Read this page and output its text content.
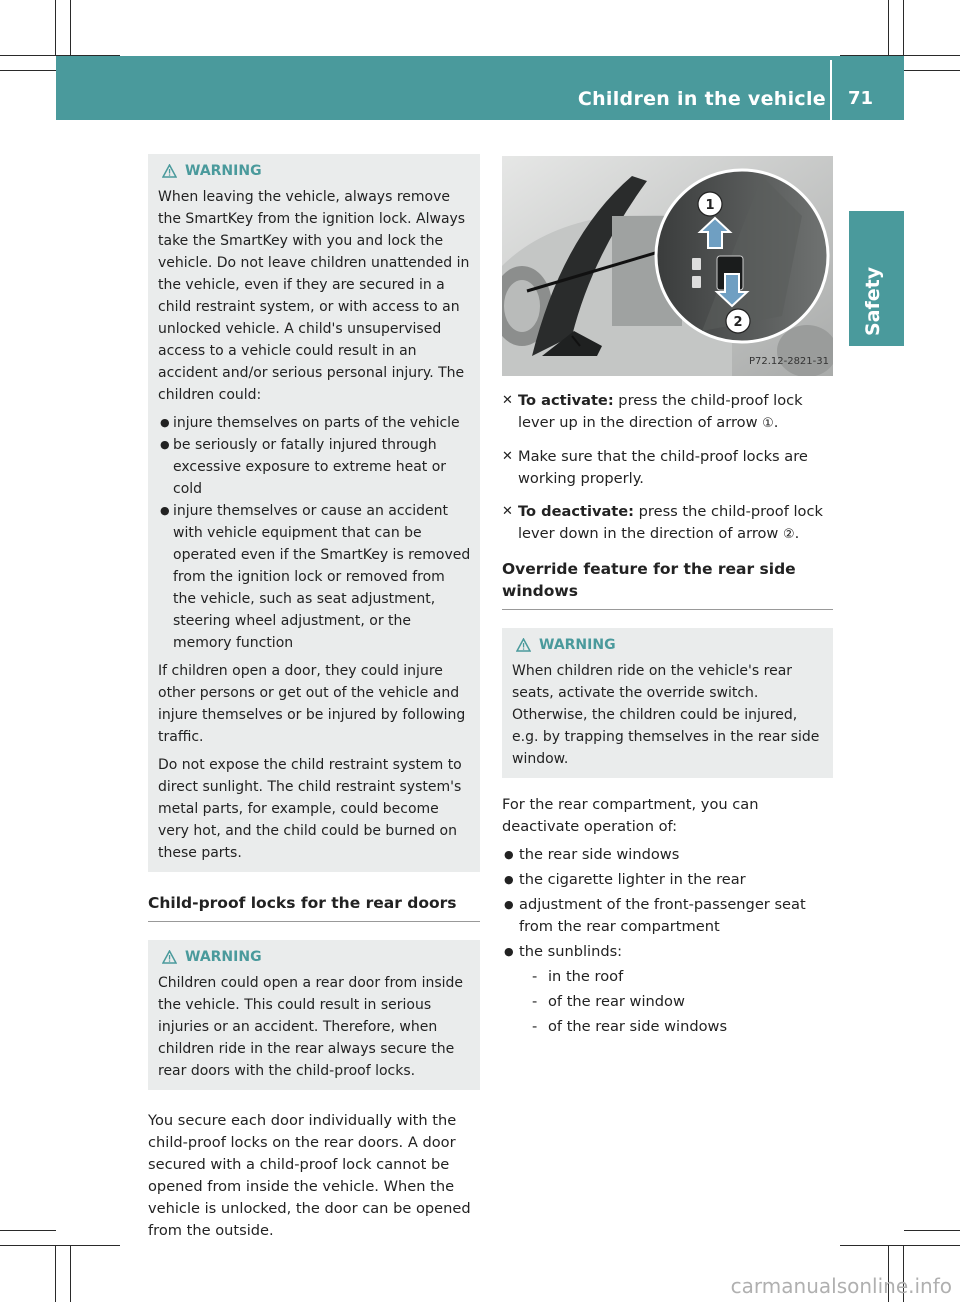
Children in the vehicle 71
Safety
WARNING

When leaving the vehicle, always remove the SmartKey from the ignition lock. Always take the SmartKey with you and lock the vehicle. Do not leave children unattended in the vehicle, even if they are secured in a child restraint system, or with access to an unlocked vehicle. A child's unsupervised access to a vehicle could result in an accident and/or serious personal injury. The children could:

● injure themselves on parts of the vehicle
● be seriously or fatally injured through excessive exposure to extreme heat or cold
● injure themselves or cause an accident with vehicle equipment that can be operated even if the SmartKey is removed from the ignition lock or removed from the vehicle, such as seat adjustment, steering wheel adjustment, or the memory function

If children open a door, they could injure other persons or get out of the vehicle and injure themselves or be injured by following traffic.

Do not expose the child restraint system to direct sunlight. The child restraint system's metal parts, for example, could become very hot, and the child could be burned on these parts.

Child-proof locks for the rear doors
WARNING

Children could open a rear door from inside the vehicle. This could result in serious injuries or an accident. Therefore, when children ride in the rear always secure the rear doors with the child-proof locks.

You secure each door individually with the child-proof locks on the rear doors. A door secured with a child-proof lock cannot be opened from inside the vehicle. When the vehicle is unlocked, the door can be opened from the outside.

1
2
P72.12-2821-31
✕ To activate: press the child-proof lock lever up in the direction of arrow ①.
✕ Make sure that the child-proof locks are working properly.
✕ To deactivate: press the child-proof lock lever down in the direction of arrow ②.
Override feature for the rear side windows
WARNING

When children ride on the vehicle's rear seats, activate the override switch. Otherwise, the children could be injured, e.g. by trapping themselves in the rear side window.

For the rear compartment, you can deactivate operation of:

● the rear side windows
● the cigarette lighter in the rear
● adjustment of the front-passenger seat from the rear compartment
● the sunblinds:
- in the roof
- of the rear window
- of the rear side windows
carmanualsonline.info
